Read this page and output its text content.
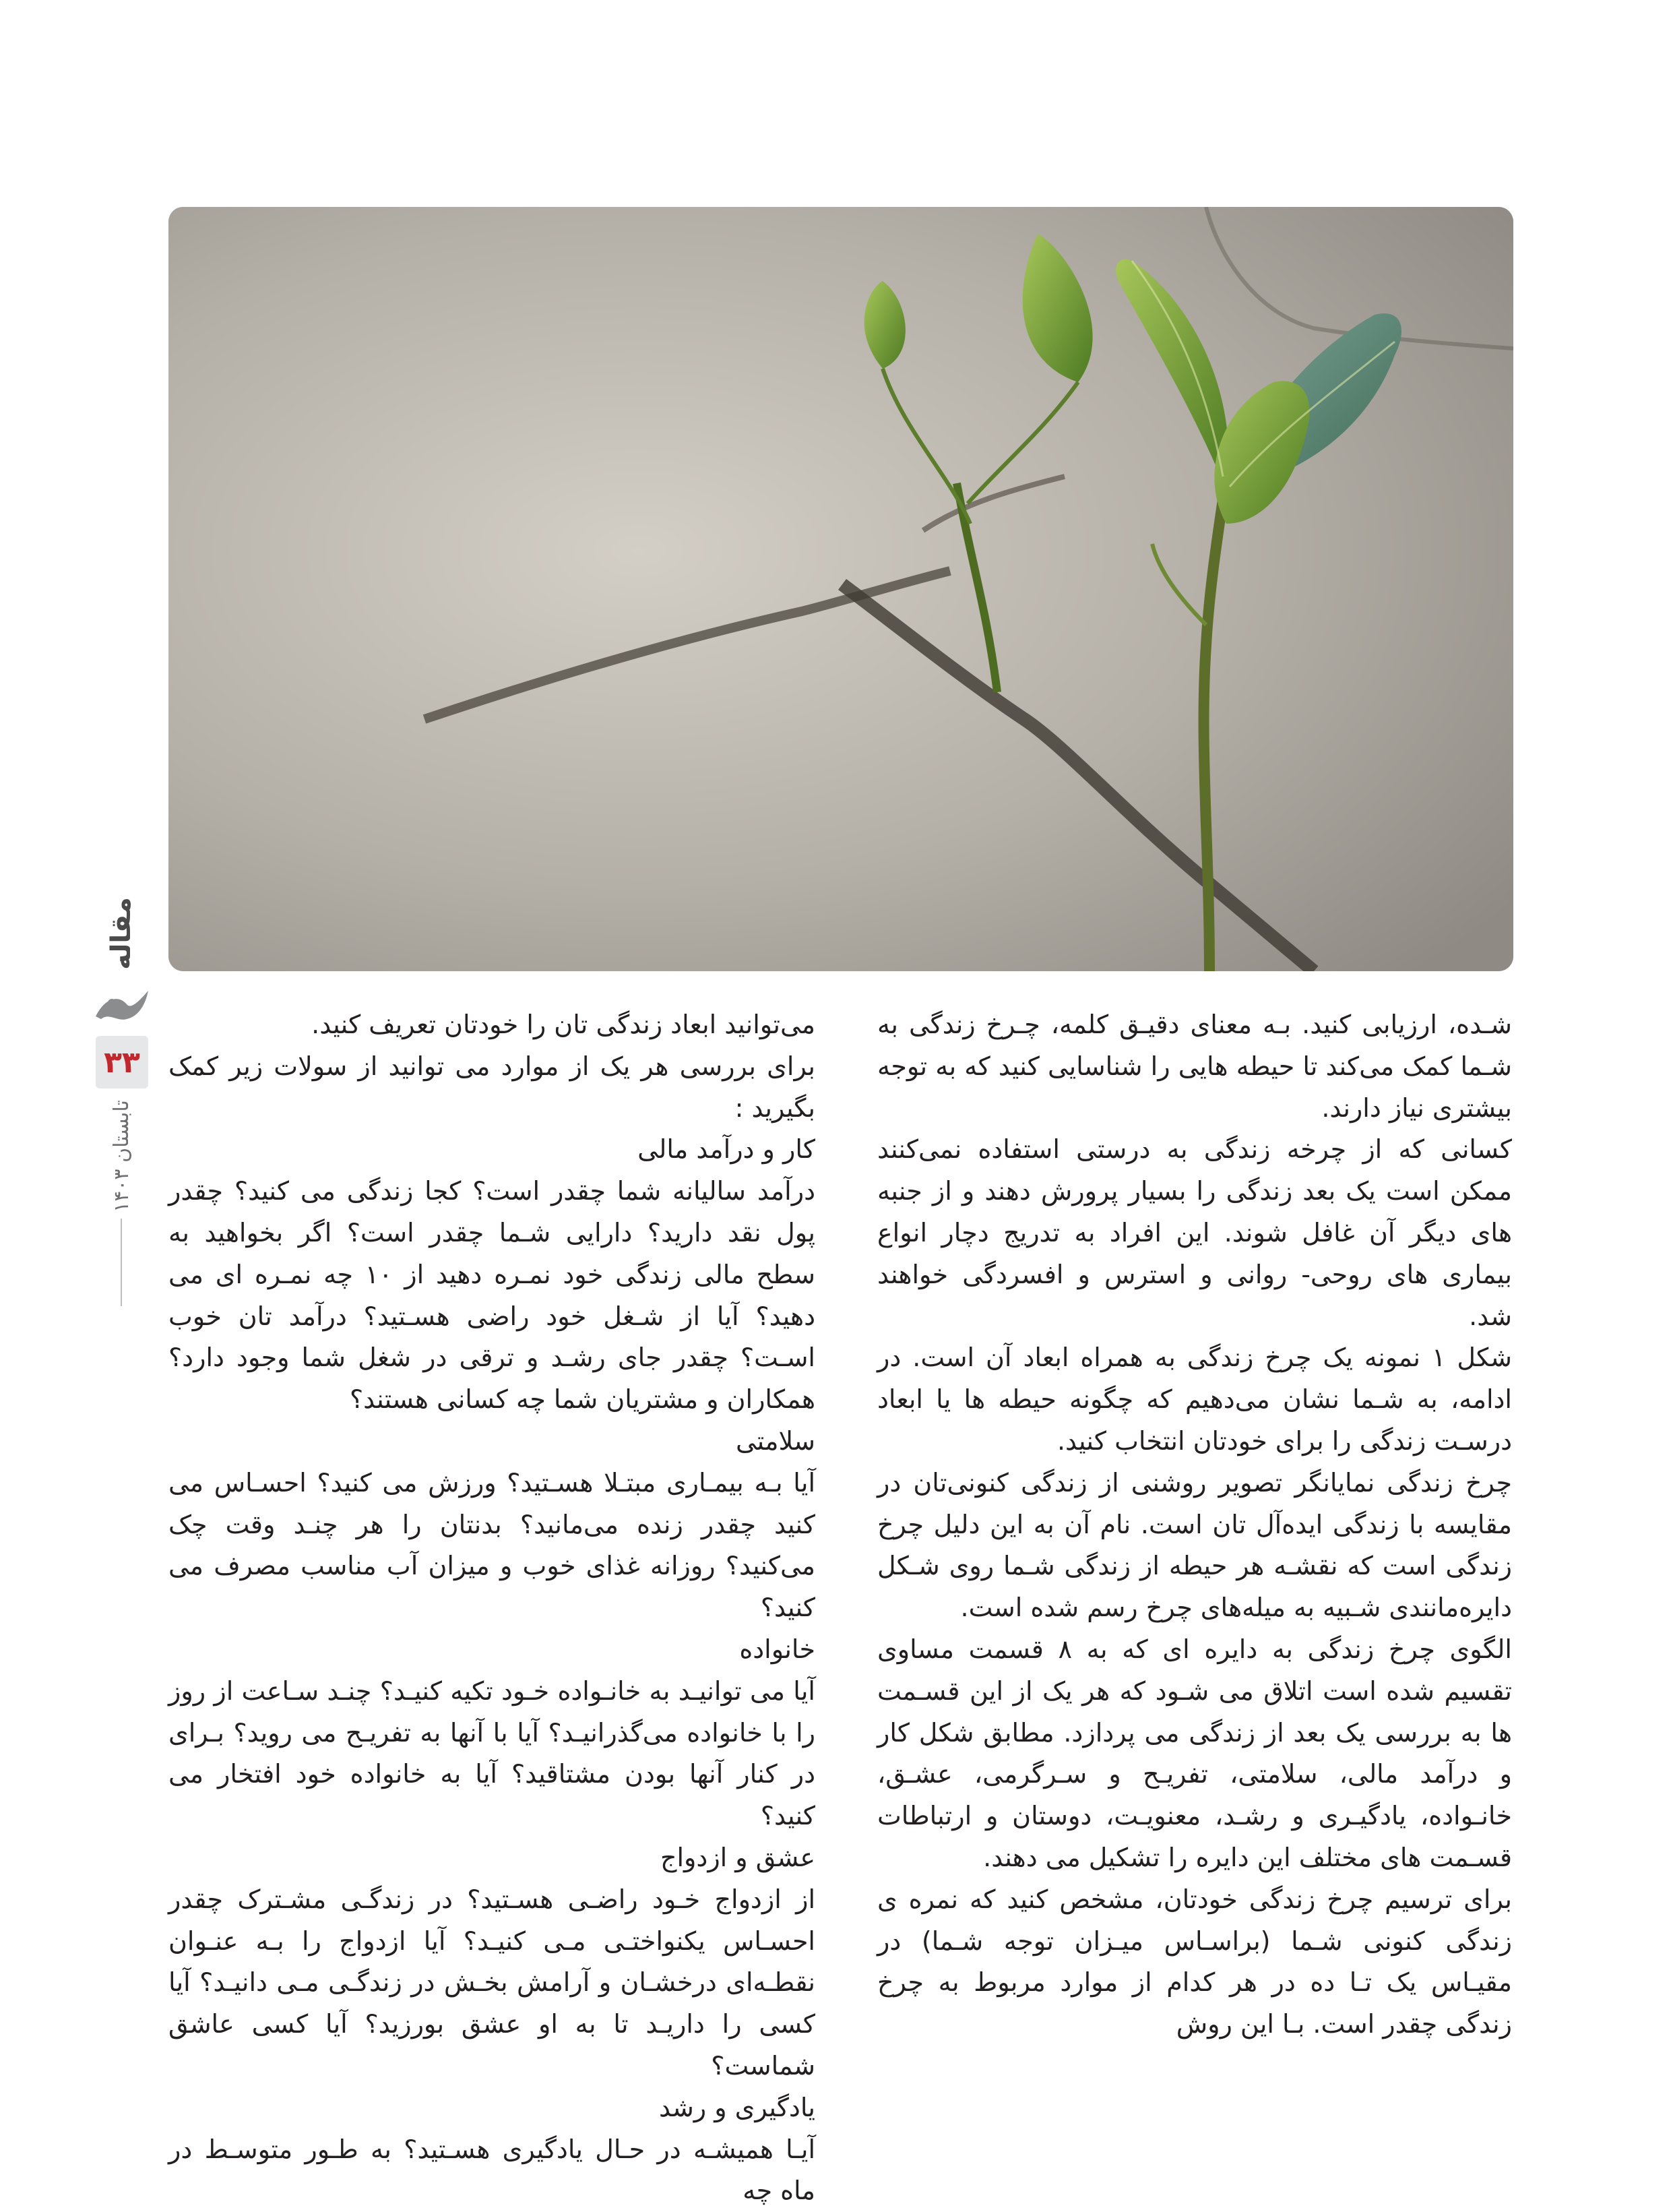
مقاله
۳۳
تابستان ۱۴۰۳

شـده، ارزیابی کنید. بـه معنای دقیـق کلمه، چـرخ زندگی به شـما کمک می‌کند تا حیطه هایی را شناسایی کنید که به توجه بیشتری نیاز دارند.

کسانی که از چرخه زندگی به درستی استفاده نمی‌کنند ممکن است یک بعد زندگی را بسیار پرورش دهند و از جنبه های دیگر آن غافل شوند. این افراد به تدریج دچار انواع بیماری های روحی- روانی و استرس و افسردگی خواهند شد.

شکل ۱ نمونه یک چرخ زندگی به همراه ابعاد آن است. در ادامه، به شـما نشان می‌دهیم که چگونه حیطه ها یا ابعاد درسـت زندگی را برای خودتان انتخاب کنید.

چرخ زندگی نمایانگر تصویر روشنی از زندگی کنونی‌تان در مقایسه با زندگی ایده‌آل تان است. نام آن به این دلیل چرخ زندگی است که نقشـه هر حیطه از زندگی شـما روی شـکل دایره‌مانندی شـبیه به میله‌های چرخ رسم شده است.

الگوی چرخ زندگی به دایره ای که به ۸ قسمت مساوی تقسیم شده است اتلاق می شـود که هر یک از این قسـمت ها به بررسی یک بعد از زندگی می پردازد. مطابق شکل کار و درآمد مالی، سلامتی، تفریـح و سـرگرمی، عشـق، خانـواده، یادگیـری و رشـد، معنویـت، دوستان و ارتباطات قسـمت های مختلف این دایره را تشکیل می دهند.

برای ترسیم چرخ زندگی خودتان، مشخص کنید که نمره ی زندگی کنونی شـما (براسـاس میـزان توجه شـما) در مقیـاس یک تـا ده در هر کدام از موارد مربوط به چرخ زندگی چقدر است. بـا این روش

می‌توانید ابعاد زندگی تان را خودتان تعریف کنید.

برای بررسی هر یک از موارد می توانید از سولات زیر کمک بگیرید :

کار و درآمد مالی

درآمد سالیانه شما چقدر است؟ کجا زندگی می کنید؟ چقدر پول نقد دارید؟ دارایی شـما چقدر است؟ اگر بخواهید به سطح مالی زندگی خود نمـره دهید از ۱۰ چه نمـره ای می دهید؟ آیا از شـغل خود راضی هسـتید؟ درآمد تان خوب اسـت؟ چقدر جای رشـد و ترقی در شغل شما وجود دارد؟ همکاران و مشتریان شما چه کسانی هستند؟

سلامتی

آیا بـه بیمـاری مبتـلا هسـتید؟ ورزش می کنید؟ احسـاس می کنید چقدر زنده می‌مانید؟ بدنتان را هر چنـد وقت چک می‌کنید؟ روزانه غذای خوب و میزان آب مناسب مصرف می کنید؟

خانواده

آیا می توانیـد به خانـواده خـود تکیه کنیـد؟ چنـد سـاعت از روز را با خانواده می‌گذرانیـد؟ آیا با آنها به تفریـح می روید؟ بـرای در کنار آنها بودن مشتاقید؟ آیا به خانواده خود افتخار می کنید؟

عشق و ازدواج

از ازدواج خـود راضـی هسـتید؟ در زندگـی مشـترک چقدر احسـاس یکنواختـی مـی کنیـد؟ آیا ازدواج را بـه عنـوان نقطـه‌ای درخشـان و آرامش بخـش در زندگـی مـی دانیـد؟ آیا کسی را داریـد تا به او عشق بورزید؟ آیا کسی عاشق شماست؟

یادگیری و رشد

آیـا همیشـه در حـال یادگیری هسـتید؟ به طـور متوسـط در ماه چه
